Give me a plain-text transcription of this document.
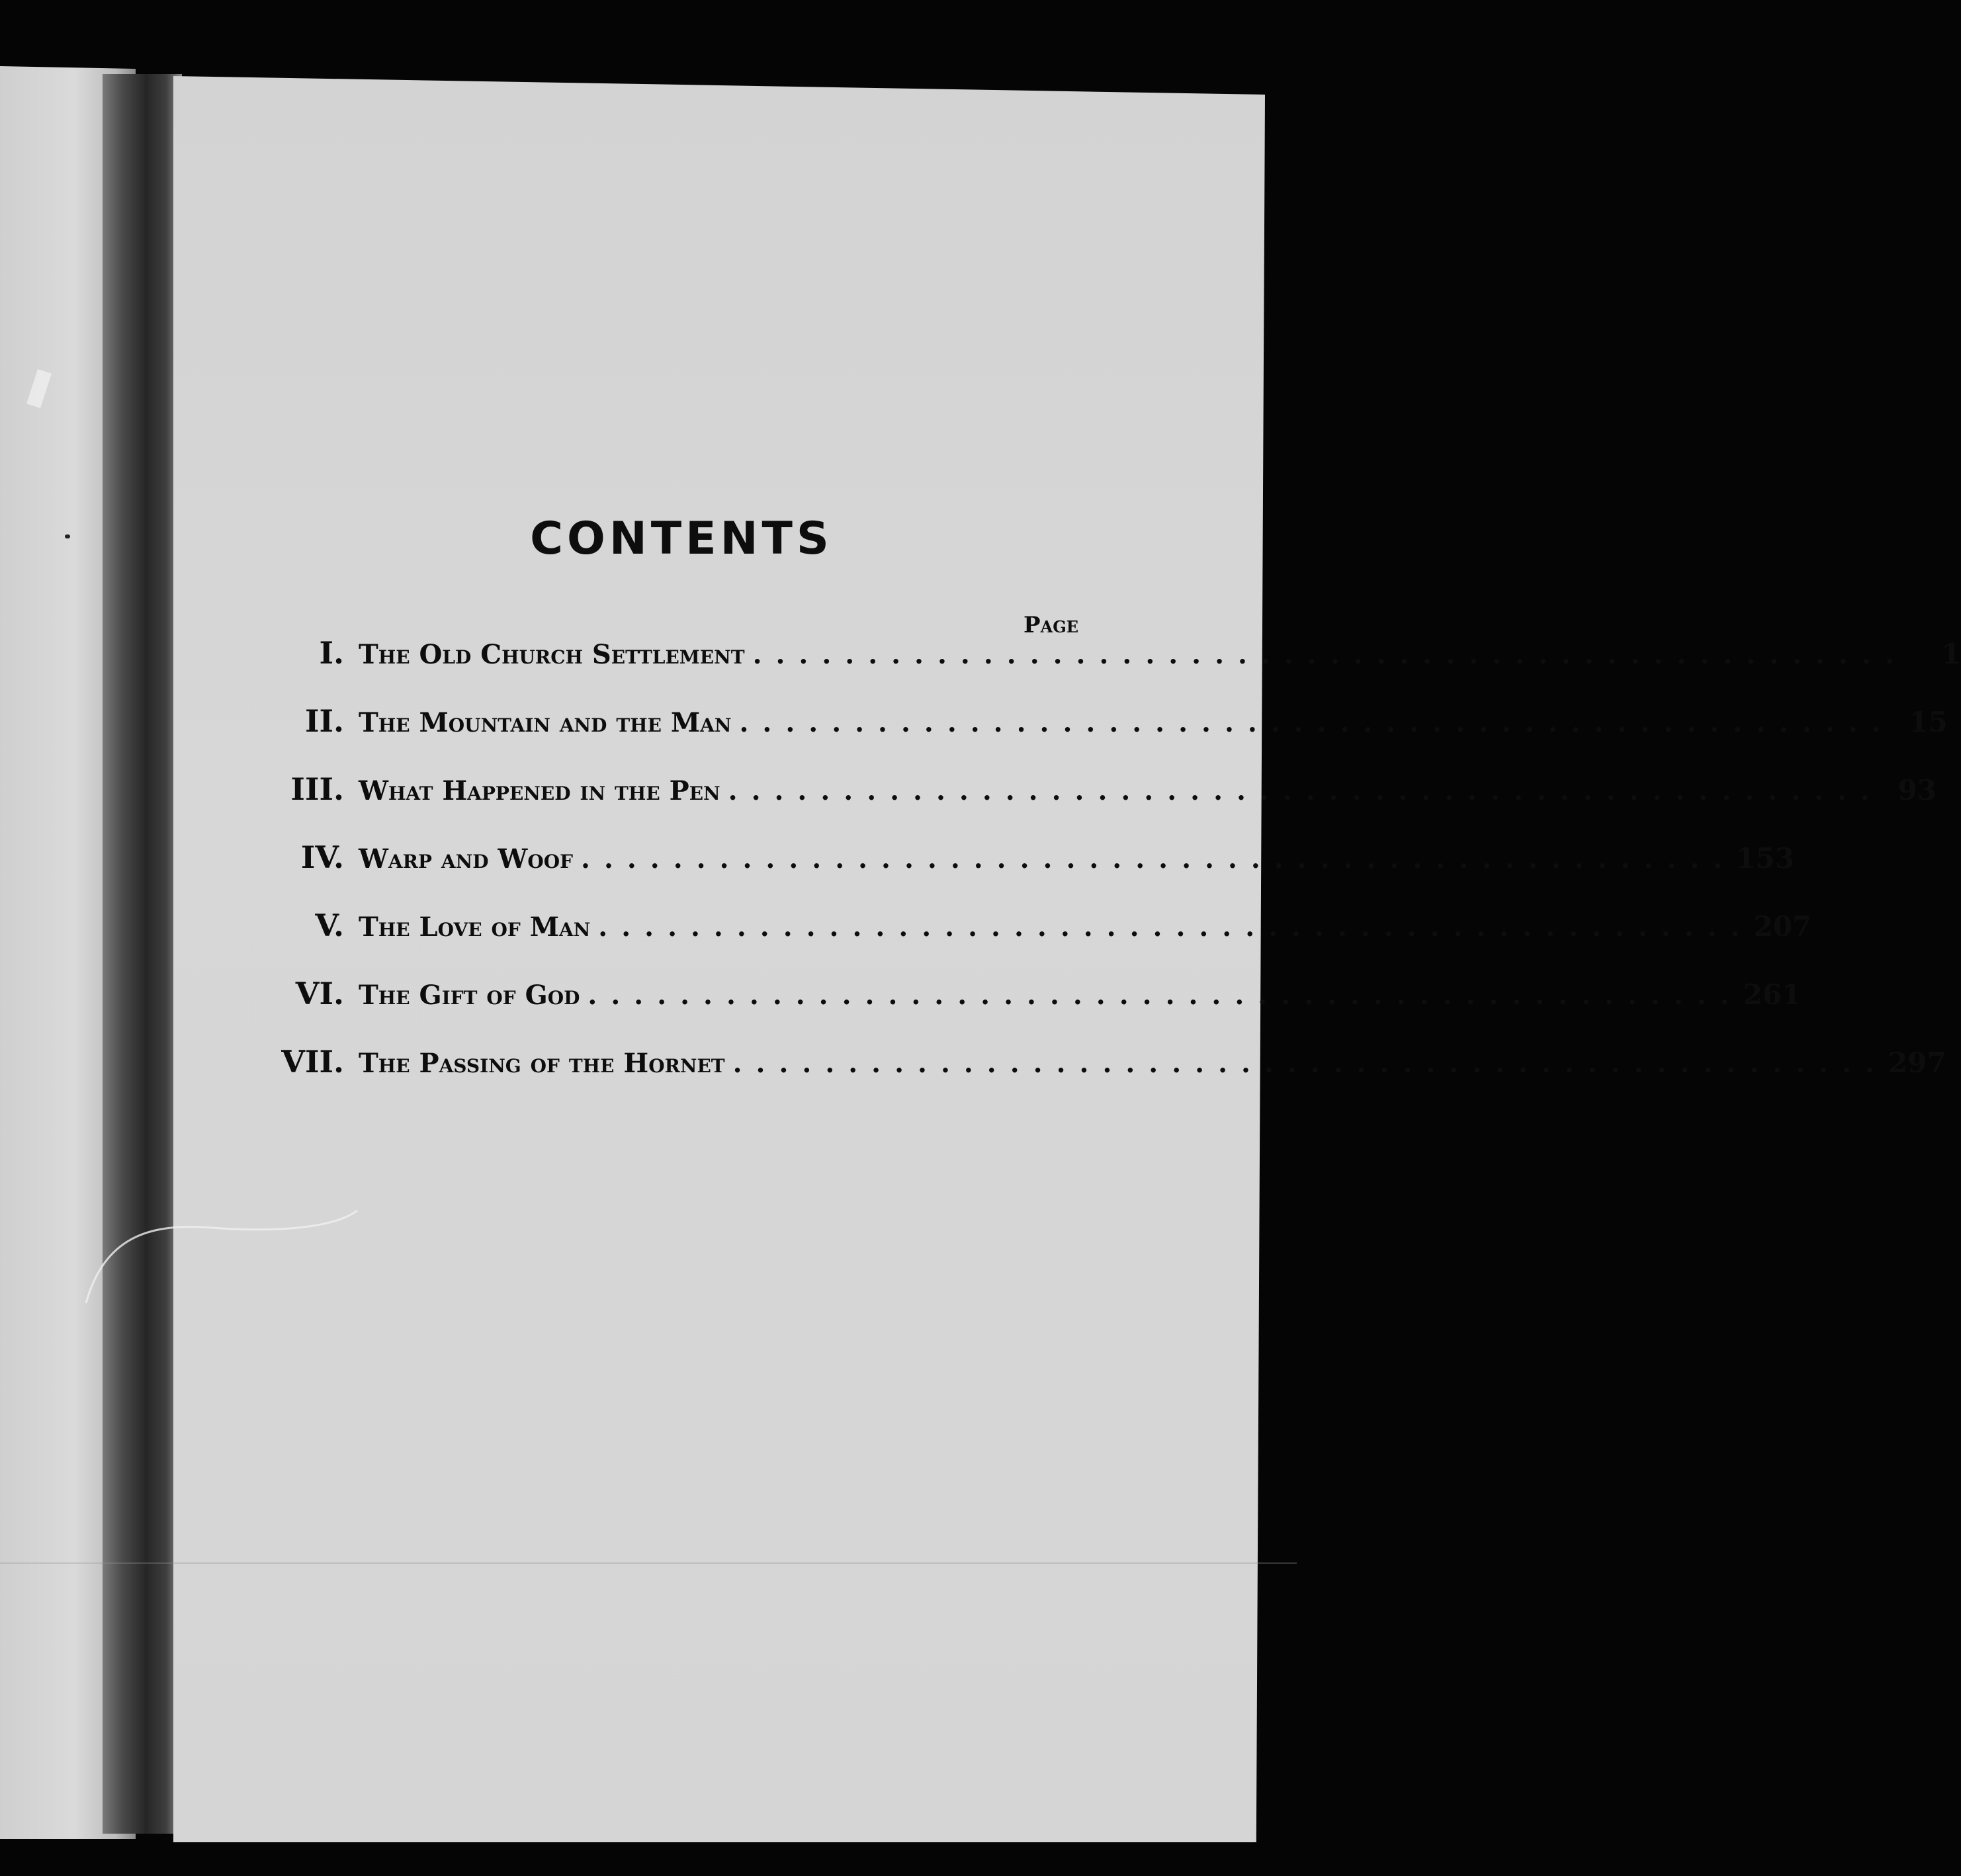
CONTENTS
Page
I. The Old Church Settlement ..................................................	1
II. The Mountain and the Man .................................................. 15
III. What Happened in the Pen .................................................. 93
IV. Warp and Woof .................................................. 153
V. The Love of Man .................................................. 207
VI. The Gift of God .................................................. 261
VII. The Passing of the Hornet .................................................. 297
